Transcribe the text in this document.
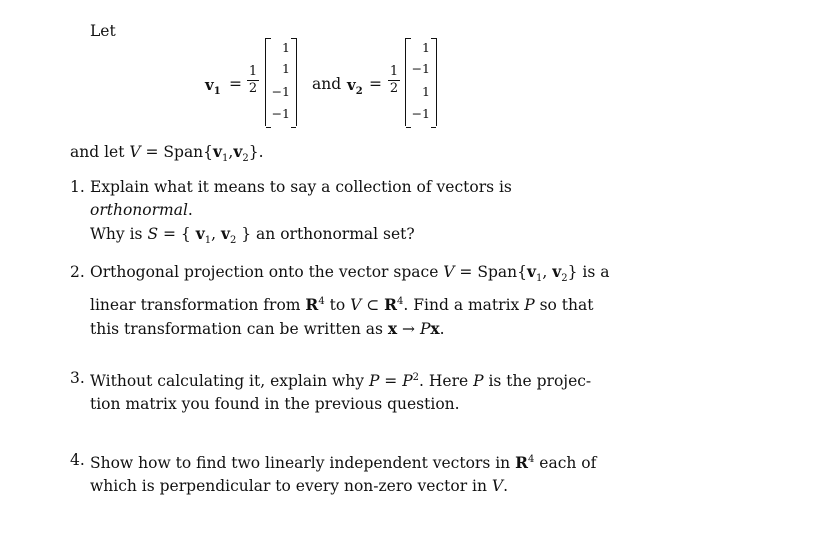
Let
$v_1$ =
1
2
1
1
−1
−1
and $v_2$ =
1
2
1
−1
1
−1
and let $V = Span\{v_1,v_2\}$.
1. Explain what it means to say a collection of vectors is orthonormal.
Why is S = { $v_1$, $v_2$ } an orthonormal set?
2. Orthogonal projection onto the vector space $V = Span\{v_1$, $v_2$} is a
linear transformation from $R^4$ to V ⊂ $R^4$. Find a matrix P so that
this transformation can be written as x → Px.
3. Without calculating it, explain why $P = P^2$. Here P is the projec-
tion matrix you found in the previous question.
4. Show how to find two linearly independent vectors in $R^4$ each of
which is perpendicular to every non-zero vector in V.
